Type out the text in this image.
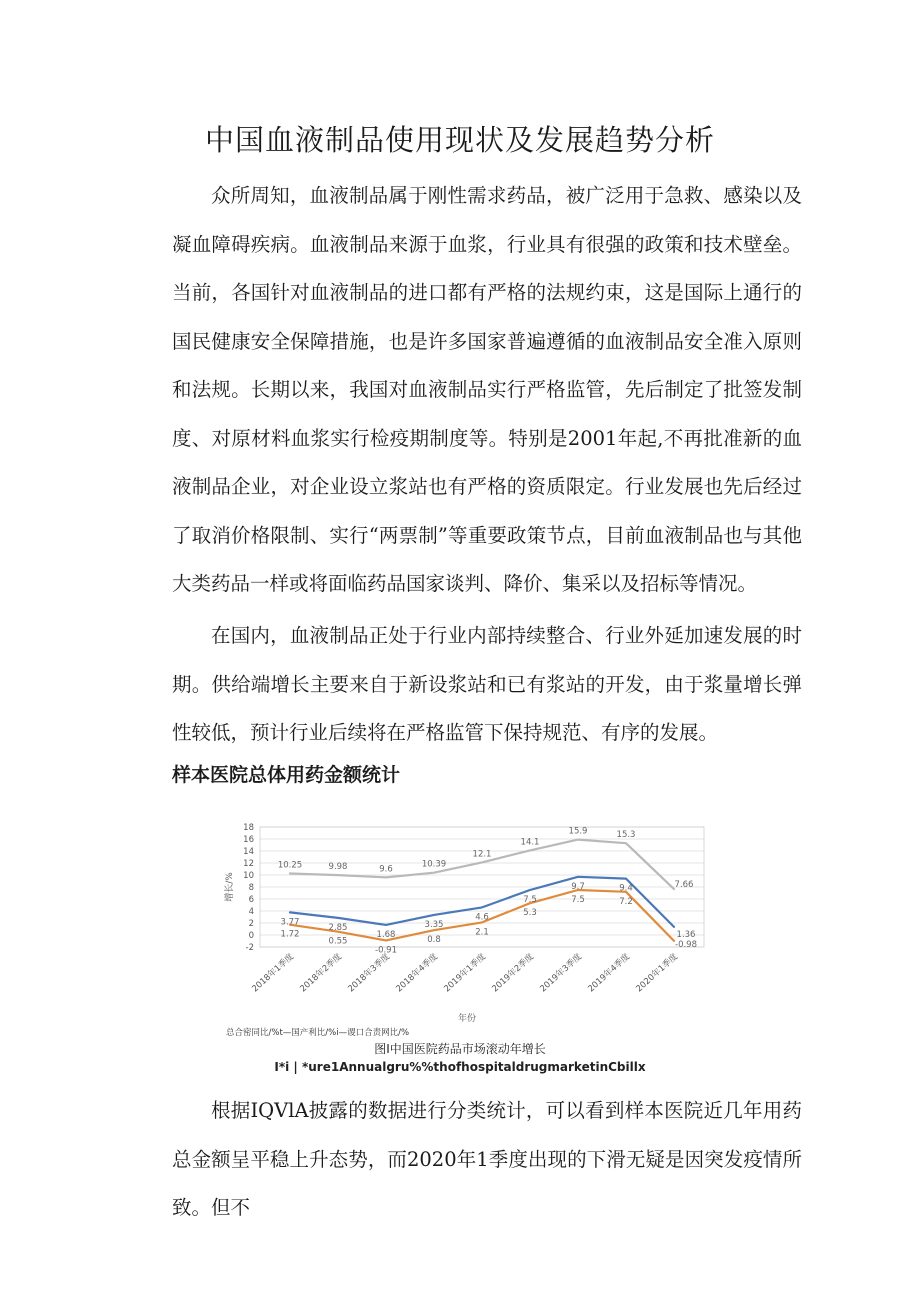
中国血液制品使用现状及发展趋势分析

众所周知，血液制品属于刚性需求药品，被广泛用于急救、感染以及凝血障碍疾病。血液制品来源于血浆，行业具有很强的政策和技术壁垒。当前，各国针对血液制品的进口都有严格的法规约束，这是国际上通行的国民健康安全保障措施，也是许多国家普遍遵循的血液制品安全准入原则和法规。长期以来，我国对血液制品实行严格监管，先后制定了批签发制度、对原材料血浆实行检疫期制度等。特别是2001年起,不再批准新的血液制品企业，对企业设立浆站也有严格的资质限定。行业发展也先后经过了取消价格限制、实行“两票制”等重要政策节点，目前血液制品也与其他大类药品一样或将面临药品国家谈判、降价、集采以及招标等情况。

在国内，血液制品正处于行业内部持续整合、行业外延加速发展的时期。供给端增长主要来自于新设浆站和已有浆站的开发，由于浆量增长弹性较低，预计行业后续将在严格监管下保持规范、有序的发展。

样本医院总体用药金额统计
-2
0
2
4
6
8
10
12
14
16
18
2018年1季度 2018年2季度 2018年3季度 2018年4季度 2019年1季度 2019年2季度 2019年3季度 2019年4季度 2020年1季度
3.77
2.85
1.68
3.35
4.6
7.5
9.7	9.4
1.36
1.72
0.55
-0.91
0.8
2.1
5.3
7.5	7.2
-0.98
10.25	9.98	9.6	10.39
12.1
14.1
15.9	15.3
7.66
增长/%
年份
总合密同比/%t—国产利比/%i—谡口合责网比/%

图I中国医院药品市场滚动年增长

I*i | *ure1Annualgru%%thofhospitaldrugmarketinCbillx

根据IQVlA披露的数据进行分类统计，可以看到样本医院近几年用药总金额呈平稳上升态势，而2020年1季度出现的下滑无疑是因突发疫情所致。但不
